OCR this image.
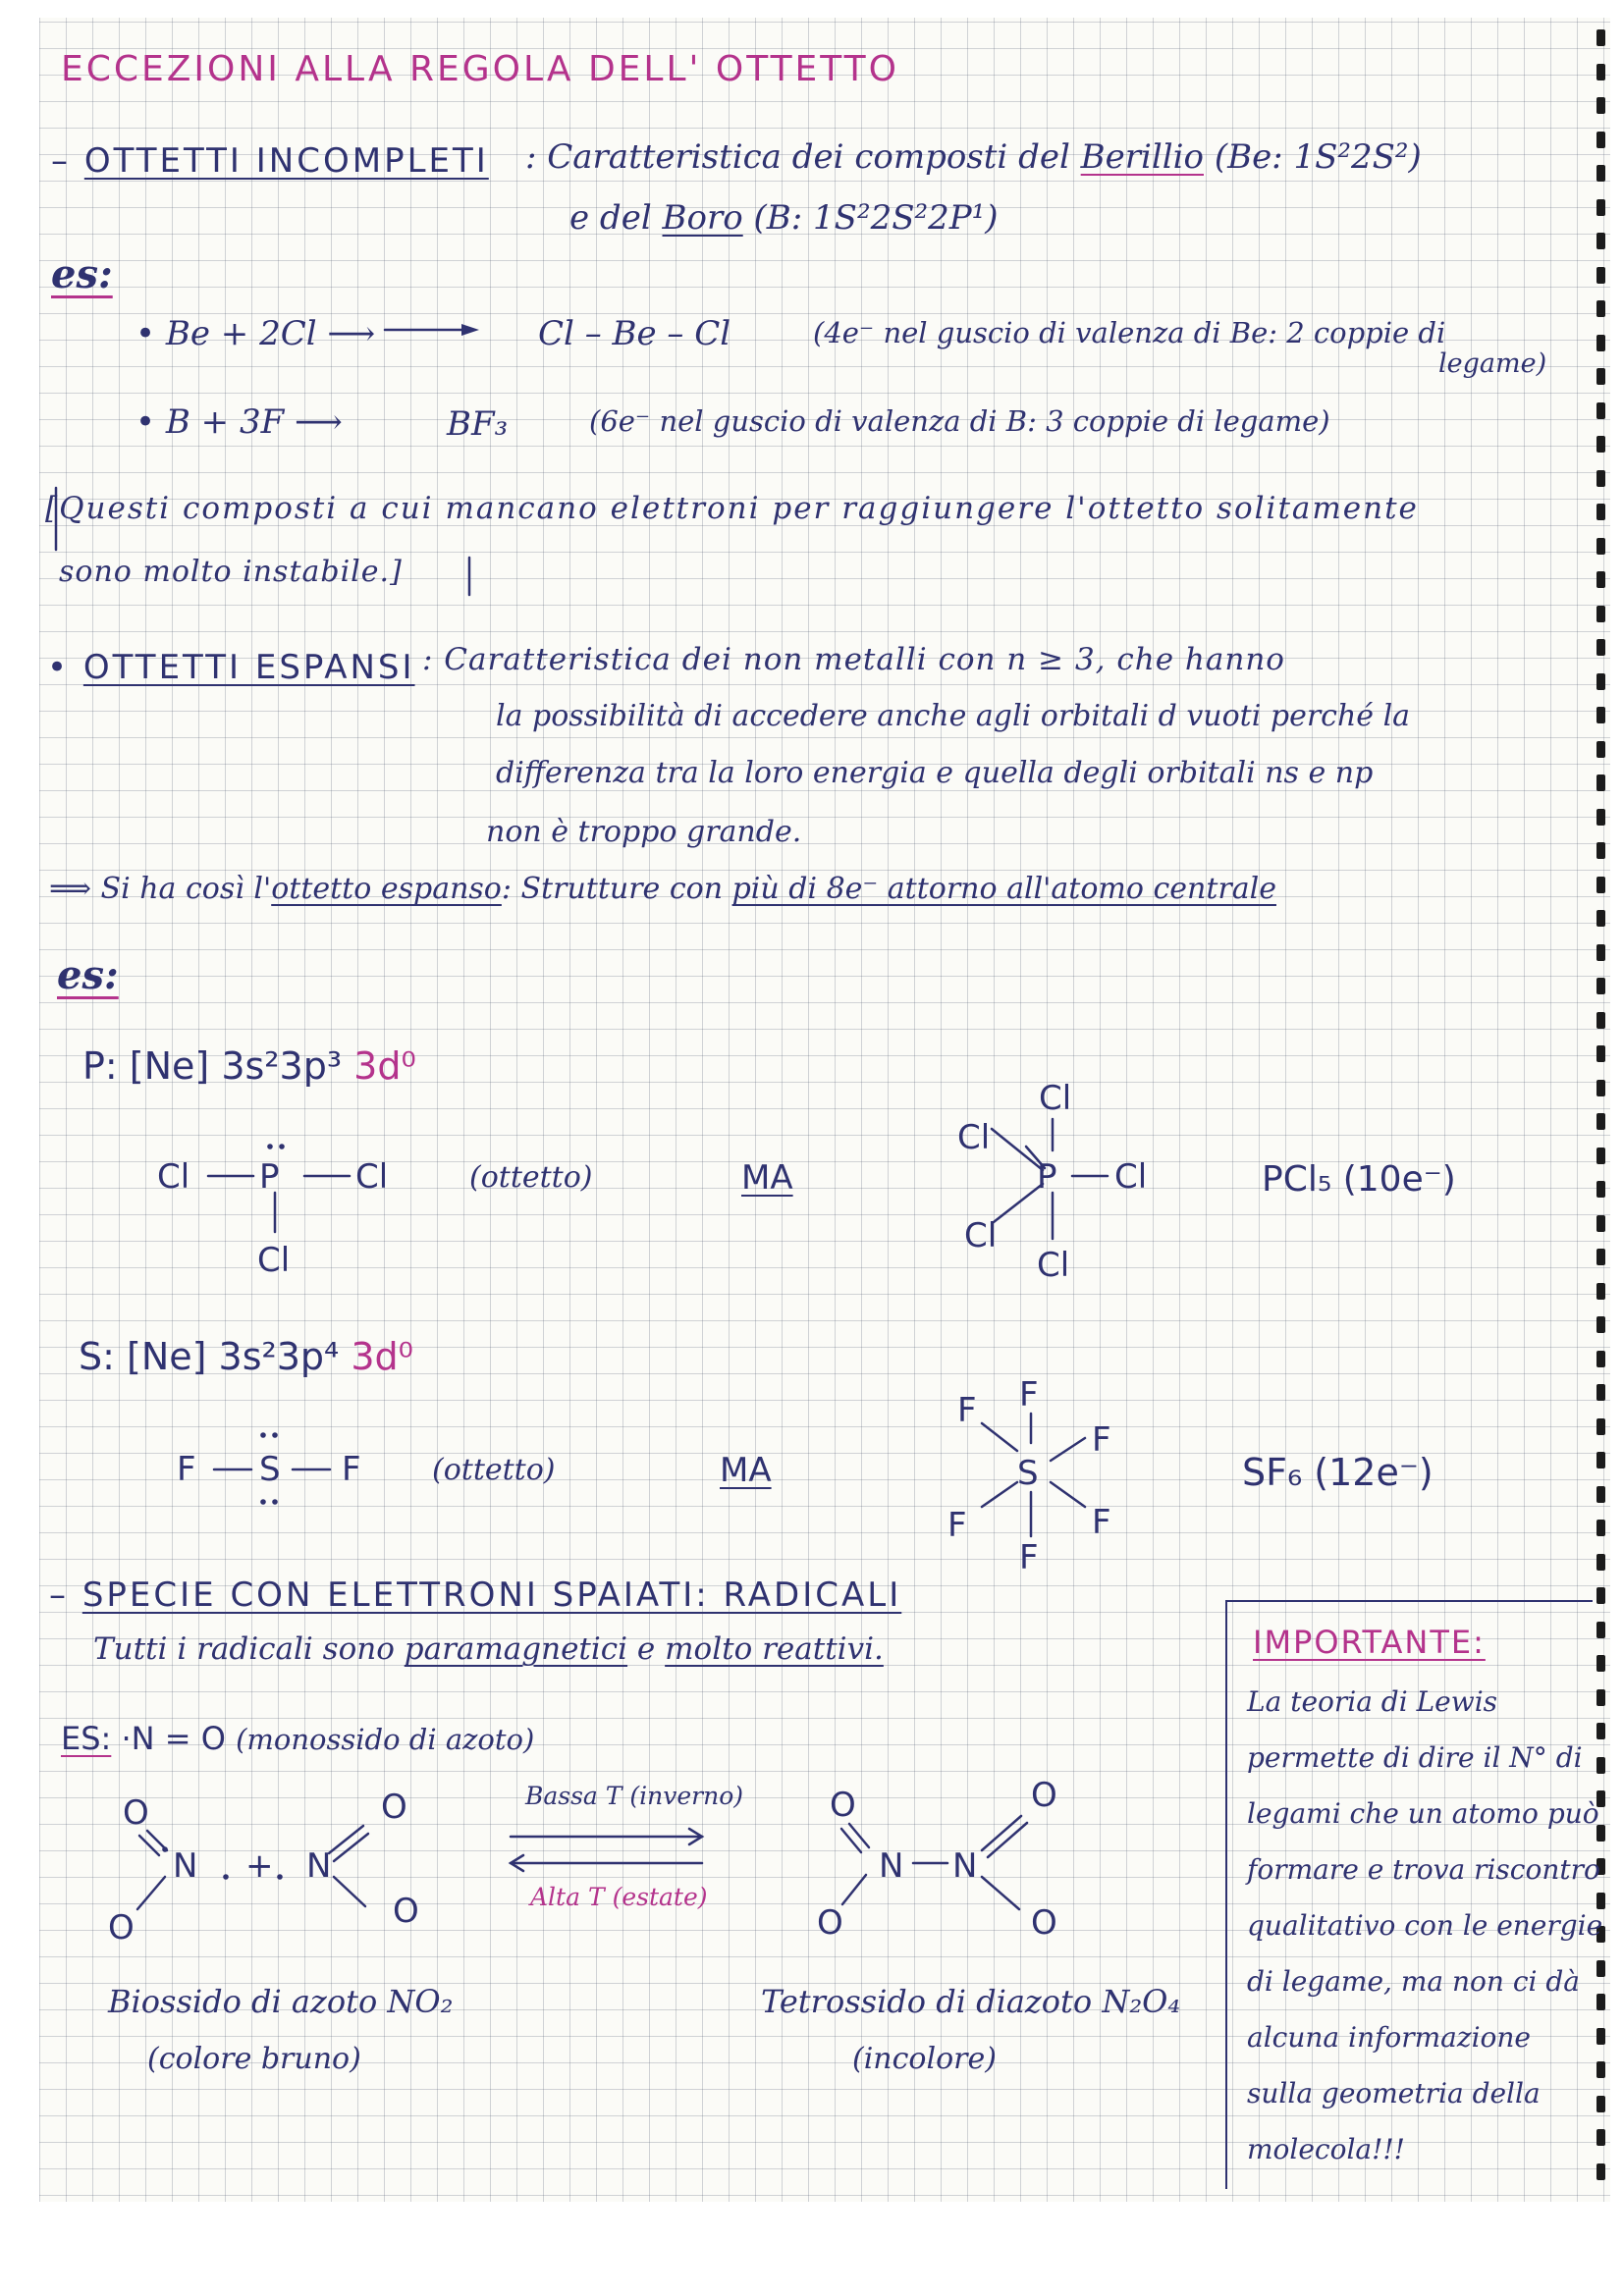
ECCEZIONI ALLA REGOLA DELL' OTTETTO
– OTTETTI INCOMPLETI : Caratteristica dei composti del Berillio (Be: 1S²2S²)
e del Boro (B: 1S²2S²2P¹)
es:
• Be + 2Cl ⟶	Cl – Be – Cl	(4e⁻ nel guscio di valenza di Be: 2 coppie di
legame)
• B + 3F ⟶	BF₃	(6e⁻ nel guscio di valenza di B: 3 coppie di legame)
[Questi composti a cui mancano elettroni per raggiungere l'ottetto solitamente
sono molto instabile.]
• OTTETTI ESPANSI : Caratteristica dei non metalli con n ≥ 3, che hanno
la possibilità di accedere anche agli orbitali d vuoti perché la
differenza tra la loro energia e quella degli orbitali ns e np
non è troppo grande.
⟹ Si ha così l'ottetto espanso: Strutture con più di 8e⁻ attorno all'atomo centrale
es:
P: [Ne] 3s²3p³ 3d⁰
(ottetto)	MA	PCl₅ (10e⁻)
S: [Ne] 3s²3p⁴ 3d⁰
(ottetto)	MA	SF₆ (12e⁻)
– SPECIE CON ELETTRONI SPAIATI: RADICALI
Tutti i radicali sono paramagnetici e molto reattivi.
ES: ·N = O (monossido di azoto)
Bassa T (inverno)
Alta T (estate)
Biossido di azoto NO₂
(colore bruno)
Tetrossido di diazoto N₂O₄
(incolore)
IMPORTANTE:
La teoria di Lewis
permette di dire il N° di
legami che un atomo può
formare e trova riscontro
qualitativo con le energie
di legame, ma non ci dà
alcuna informazione
sulla geometria della
molecola!!!
Cl P Cl
Cl
Cl
Cl
P Cl
Cl
Cl
F S F
F
F
F
S
F	F
F
O
N + N
O
O
O
O
N N
O
O
O
